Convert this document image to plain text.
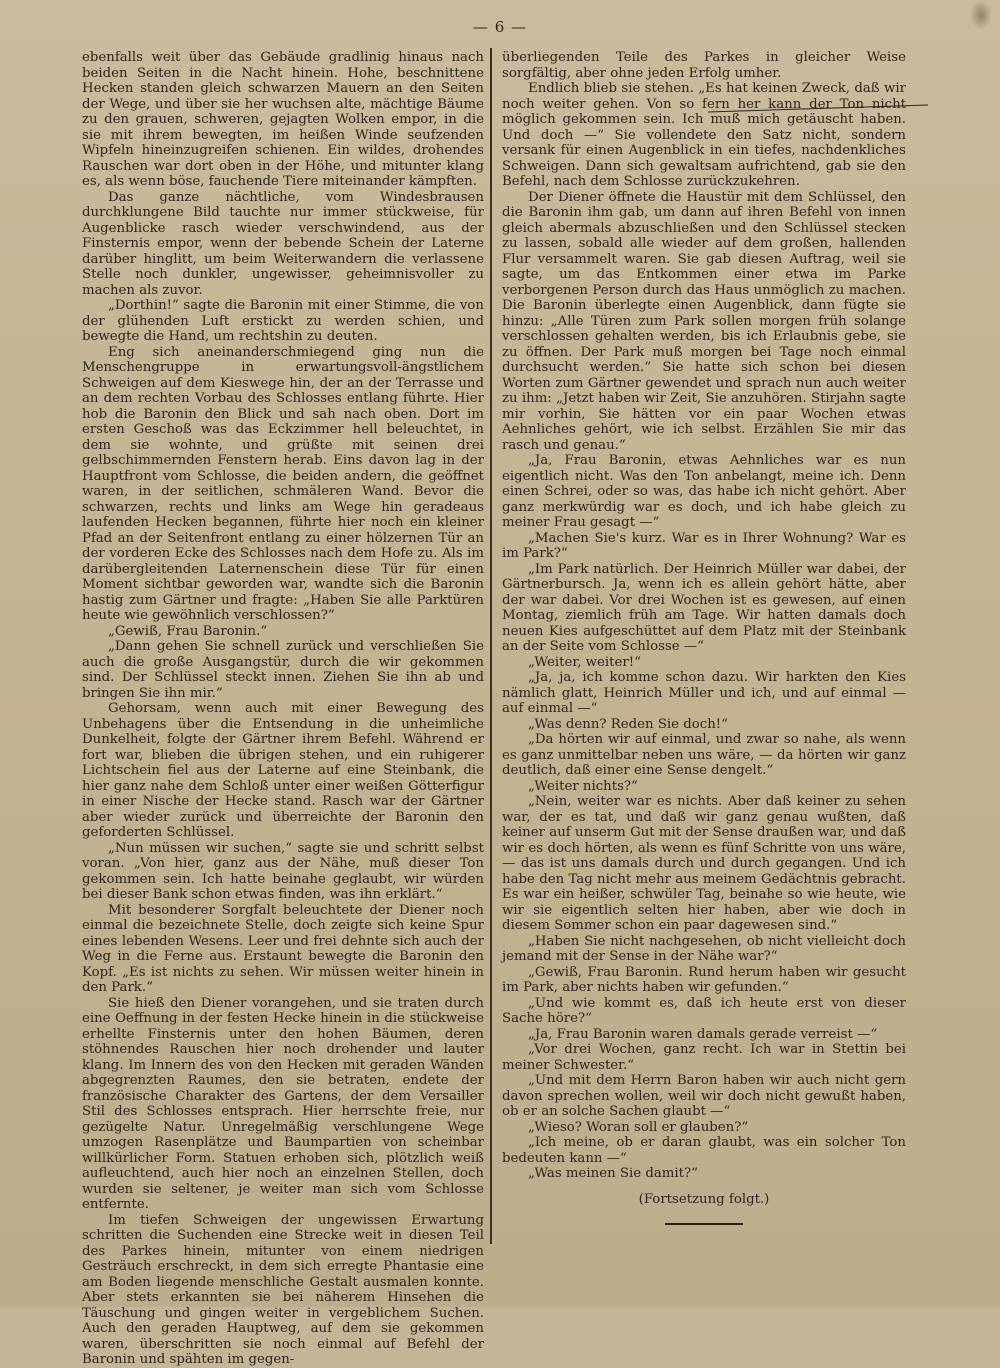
— 6 —

ebenfalls weit über das Gebäude gradlinig hinaus nach beiden Seiten in die Nacht hinein. Hohe, beschnittene Hecken standen gleich schwarzen Mauern an den Seiten der Wege, und über sie her wuchsen alte, mächtige Bäume zu den grauen, schweren, gejagten Wolken empor, in die sie mit ihrem bewegten, im heißen Winde seufzenden Wipfeln hineinzugreifen schienen. Ein wildes, drohendes Rauschen war dort oben in der Höhe, und mitunter klang es, als wenn böse, fauchende Tiere miteinander kämpften.

Das ganze nächtliche, vom Windesbrausen durchklungene Bild tauchte nur immer stückweise, für Augenblicke rasch wieder verschwindend, aus der Finsternis empor, wenn der bebende Schein der Laterne darüber hinglitt, um beim Weiterwandern die verlassene Stelle noch dunkler, ungewisser, geheimnisvoller zu machen als zuvor.

„Dorthin!“ sagte die Baronin mit einer Stimme, die von der glühenden Luft erstickt zu werden schien, und bewegte die Hand, um rechtshin zu deuten.

Eng sich aneinanderschmiegend ging nun die Menschengruppe in erwartungsvoll-ängstlichem Schweigen auf dem Kieswege hin, der an der Terrasse und an dem rechten Vorbau des Schlosses entlang führte. Hier hob die Baronin den Blick und sah nach oben. Dort im ersten Geschoß was das Eckzimmer hell beleuchtet, in dem sie wohnte, und grüßte mit seinen drei gelbschimmernden Fenstern herab. Eins davon lag in der Hauptfront vom Schlosse, die beiden andern, die geöffnet waren, in der seitlichen, schmäleren Wand. Bevor die schwarzen, rechts und links am Wege hin geradeaus laufenden Hecken begannen, führte hier noch ein kleiner Pfad an der Seitenfront entlang zu einer hölzernen Tür an der vorderen Ecke des Schlosses nach dem Hofe zu. Als im darübergleitenden Laternenschein diese Tür für einen Moment sichtbar geworden war, wandte sich die Baronin hastig zum Gärtner und fragte: „Haben Sie alle Parktüren heute wie gewöhnlich verschlossen?“

„Gewiß, Frau Baronin.“

„Dann gehen Sie schnell zurück und verschließen Sie auch die große Ausgangstür, durch die wir gekommen sind. Der Schlüssel steckt innen. Ziehen Sie ihn ab und bringen Sie ihn mir.“

Gehorsam, wenn auch mit einer Bewegung des Unbehagens über die Entsendung in die unheimliche Dunkelheit, folgte der Gärtner ihrem Befehl. Während er fort war, blieben die übrigen stehen, und ein ruhigerer Lichtschein fiel aus der Laterne auf eine Steinbank, die hier ganz nahe dem Schloß unter einer weißen Götterfigur in einer Nische der Hecke stand. Rasch war der Gärtner aber wieder zurück und überreichte der Baronin den geforderten Schlüssel.

„Nun müssen wir suchen,“ sagte sie und schritt selbst voran. „Von hier, ganz aus der Nähe, muß dieser Ton gekommen sein. Ich hatte beinahe geglaubt, wir würden bei dieser Bank schon etwas finden, was ihn erklärt.“

Mit besonderer Sorgfalt beleuchtete der Diener noch einmal die bezeichnete Stelle, doch zeigte sich keine Spur eines lebenden Wesens. Leer und frei dehnte sich auch der Weg in die Ferne aus. Erstaunt bewegte die Baronin den Kopf. „Es ist nichts zu sehen. Wir müssen weiter hinein in den Park.“

Sie hieß den Diener vorangehen, und sie traten durch eine Oeffnung in der festen Hecke hinein in die stückweise erhellte Finsternis unter den hohen Bäumen, deren stöhnendes Rauschen hier noch drohender und lauter klang. Im Innern des von den Hecken mit geraden Wänden abgegrenzten Raumes, den sie betraten, endete der französische Charakter des Gartens, der dem Versailler Stil des Schlosses entsprach. Hier herrschte freie, nur gezügelte Natur. Unregelmäßig verschlungene Wege umzogen Rasenplätze und Baumpartien von scheinbar willkürlicher Form. Statuen erhoben sich, plötzlich weiß aufleuchtend, auch hier noch an einzelnen Stellen, doch wurden sie seltener, je weiter man sich vom Schlosse entfernte.

Im tiefen Schweigen der ungewissen Erwartung schritten die Suchenden eine Strecke weit in diesen Teil des Parkes hinein, mitunter von einem niedrigen Gesträuch erschreckt, in dem sich erregte Phantasie eine am Boden liegende menschliche Gestalt ausmalen konnte. Aber stets erkannten sie bei näherem Hinsehen die Täuschung und gingen weiter in vergeblichem Suchen. Auch den geraden Hauptweg, auf dem sie gekommen waren, überschritten sie noch einmal auf Befehl der Baronin und spähten im gegen-

überliegenden Teile des Parkes in gleicher Weise sorgfältig, aber ohne jeden Erfolg umher.

Endlich blieb sie stehen. „Es hat keinen Zweck, daß wir noch weiter gehen. Von so fern her kann der Ton nicht möglich gekommen sein. Ich muß mich getäuscht haben. Und doch —“ Sie vollendete den Satz nicht, sondern versank für einen Augenblick in ein tiefes, nachdenkliches Schweigen. Dann sich gewaltsam aufrichtend, gab sie den Befehl, nach dem Schlosse zurückzukehren.

Der Diener öffnete die Haustür mit dem Schlüssel, den die Baronin ihm gab, um dann auf ihren Befehl von innen gleich abermals abzuschließen und den Schlüssel stecken zu lassen, sobald alle wieder auf dem großen, hallenden Flur versammelt waren. Sie gab diesen Auftrag, weil sie sagte, um das Entkommen einer etwa im Parke verborgenen Person durch das Haus unmöglich zu machen. Die Baronin überlegte einen Augenblick, dann fügte sie hinzu: „Alle Türen zum Park sollen morgen früh solange verschlossen gehalten werden, bis ich Erlaubnis gebe, sie zu öffnen. Der Park muß morgen bei Tage noch einmal durchsucht werden.“ Sie hatte sich schon bei diesen Worten zum Gärtner gewendet und sprach nun auch weiter zu ihm: „Jetzt haben wir Zeit, Sie anzuhören. Stirjahn sagte mir vorhin, Sie hätten vor ein paar Wochen etwas Aehnliches gehört, wie ich selbst. Erzählen Sie mir das rasch und genau.“

„Ja, Frau Baronin, etwas Aehnliches war es nun eigentlich nicht. Was den Ton anbelangt, meine ich. Denn einen Schrei, oder so was, das habe ich nicht gehört. Aber ganz merkwürdig war es doch, und ich habe gleich zu meiner Frau gesagt —“

„Machen Sie's kurz. War es in Ihrer Wohnung? War es im Park?“

„Im Park natürlich. Der Heinrich Müller war dabei, der Gärtnerbursch. Ja, wenn ich es allein gehört hätte, aber der war dabei. Vor drei Wochen ist es gewesen, auf einen Montag, ziemlich früh am Tage. Wir hatten damals doch neuen Kies aufgeschüttet auf dem Platz mit der Steinbank an der Seite vom Schlosse —“

„Weiter, weiter!“

„Ja, ja, ich komme schon dazu. Wir harkten den Kies nämlich glatt, Heinrich Müller und ich, und auf einmal — auf einmal —“

„Was denn? Reden Sie doch!“

„Da hörten wir auf einmal, und zwar so nahe, als wenn es ganz unmittelbar neben uns wäre, — da hörten wir ganz deutlich, daß einer eine Sense dengelt.“

„Weiter nichts?“

„Nein, weiter war es nichts. Aber daß keiner zu sehen war, der es tat, und daß wir ganz genau wußten, daß keiner auf unserm Gut mit der Sense draußen war, und daß wir es doch hörten, als wenn es fünf Schritte von uns wäre, — das ist uns damals durch und durch gegangen. Und ich habe den Tag nicht mehr aus meinem Gedächtnis gebracht. Es war ein heißer, schwüler Tag, beinahe so wie heute, wie wir sie eigentlich selten hier haben, aber wie doch in diesem Sommer schon ein paar dagewesen sind.“

„Haben Sie nicht nachgesehen, ob nicht vielleicht doch jemand mit der Sense in der Nähe war?“

„Gewiß, Frau Baronin. Rund herum haben wir gesucht im Park, aber nichts haben wir gefunden.“

„Und wie kommt es, daß ich heute erst von dieser Sache höre?“

„Ja, Frau Baronin waren damals gerade verreist —“

„Vor drei Wochen, ganz recht. Ich war in Stettin bei meiner Schwester.“

„Und mit dem Herrn Baron haben wir auch nicht gern davon sprechen wollen, weil wir doch nicht gewußt haben, ob er an solche Sachen glaubt —“

„Wieso? Woran soll er glauben?“

„Ich meine, ob er daran glaubt, was ein solcher Ton bedeuten kann —“

„Was meinen Sie damit?“

(Fortsetzung folgt.)
